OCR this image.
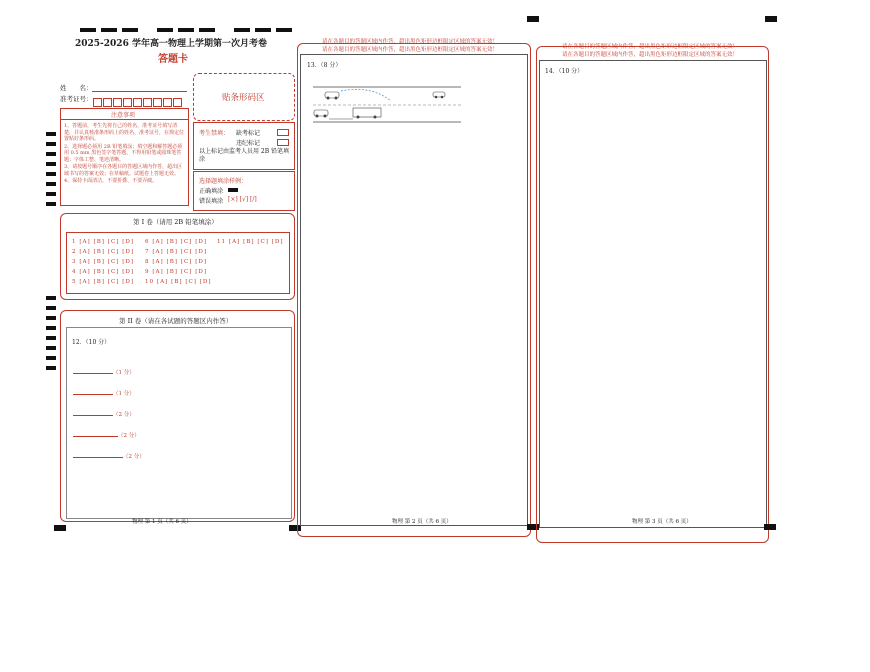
2025-2026 学年高一物理上学期第一次月考卷
答题卡
姓　　名：
准考证号：	贴条形码区
注意事项
1、答题前，考生先将自己的姓名，准考证号填写清楚，并认真核准条形码上的姓名、准考证号，在规定位置贴好条形码。
2、选择题必须用 2B 铅笔填涂；填空题和解答题必须用 0.5 mm 黑色签字笔答题，不得用铅笔或圆珠笔答题；字体工整、笔迹清晰。
3、请按题号顺序在各题目的答题区域内作答，超出区域书写的答案无效；在草稿纸、试题卷上答题无效。
4、保持卡面清洁，不要折叠、不要弄破。
考生禁填： 缺考标记
违纪标记
以上标记由监考人员用 2B 铅笔填涂
选择题填涂样例：
正确填涂
错误填涂 [×] [√] [/]
第 I 卷（请用 2B 铅笔填涂）
1 [A] [B] [C] [D]
2 [A] [B] [C] [D]
3 [A] [B] [C] [D]
4 [A] [B] [C] [D]
5 [A] [B] [C] [D]
6 [A] [B] [C] [D]
7 [A] [B] [C] [D]
8 [A] [B] [C] [D]
9 [A] [B] [C] [D]
10 [A] [B] [C] [D]
11 [A] [B] [C] [D]
第 II 卷（请在各试题的答题区内作答）
12．（10 分）
（1 分）
（1 分）
（2 分）
（2 分）
（2 分）
物理 第 1 页（共 6 页）
请在各题目的答题区域内作答，超出黑色矩形边框限定区域的答案无效！
请在各题目的答题区域内作答，超出黑色矩形边框限定区域的答案无效！
13．（8 分）
物理 第 2 页（共 6 页）
请在各题目的答题区域内作答，超出黑色矩形边框限定区域的答案无效！
请在各题目的答题区域内作答，超出黑色矩形边框限定区域的答案无效！
14．（10 分）
物理 第 3 页（共 6 页）
